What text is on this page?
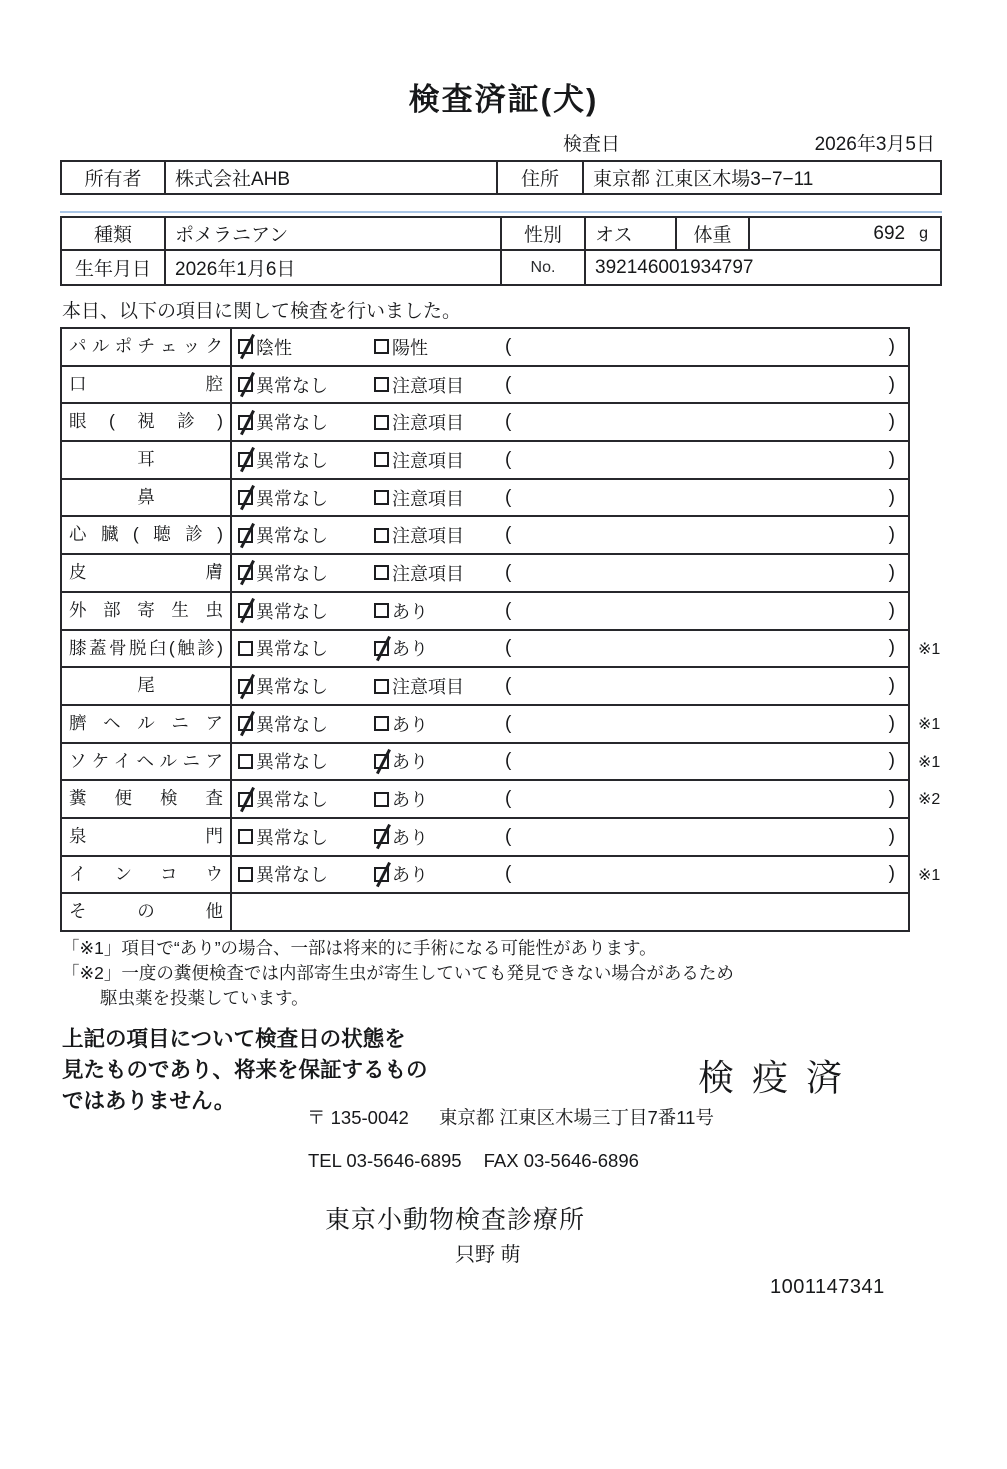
検査済証(犬)
検査日	2026年3月5日
所有者	株式会社AHB	住所	東京都 江東区木場3−7−11
種類	ポメラニアン	性別	オス	体重	692 g
生年月日	2026年1月6日	No.	392146001934797
本日、以下の項目に関して検査を行いました。
パルポチェック	陰性	陽性	(	)
口腔	異常なし	注意項目 (	)
眼(視診)	異常なし	注意項目 (	)
耳	異常なし	注意項目 (	)
鼻	異常なし	注意項目 (	)
心臓(聴診)	異常なし	注意項目 (	)
皮膚	異常なし	注意項目 (	)
外部寄生虫	異常なし	あり	(	)
膝蓋骨脱臼(触診)	異常なし	あり	(	)	※1
尾	異常なし	注意項目 (	)
臍ヘルニア	異常なし	あり	(	)	※1
ソケイヘルニア	異常なし	あり	(	)	※1
糞便検査	異常なし	あり	(	)	※2
泉門	異常なし	あり	(	)
インコウ	異常なし	あり	(	)	※1
その他
「※1」項目で“あり”の場合、一部は将来的に手術になる可能性があります。
「※2」一度の糞便検査では内部寄生虫が寄生していても発見できない場合があるため
駆虫薬を投薬しています。
上記の項目について検査日の状態を
見たものであり、将来を保証するもの
ではありません。
検疫済
〒 135-0042 東京都 江東区木場三丁目7番11号
TEL 03-5646-6895 FAX 03-5646-6896
東京小動物検査診療所
只野 萌
1001147341
